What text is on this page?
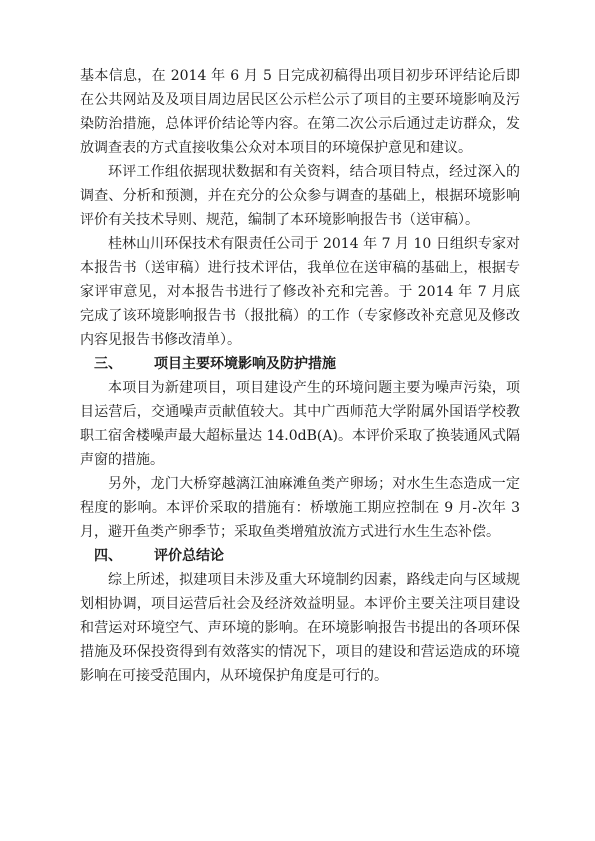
基本信息，在 2014 年 6 月 5 日完成初稿得出项目初步环评结论后即在公共网站及及项目周边居民区公示栏公示了项目的主要环境影响及污染防治措施，总体评价结论等内容。在第二次公示后通过走访群众，发放调查表的方式直接收集公众对本项目的环境保护意见和建议。

环评工作组依据现状数据和有关资料，结合项目特点，经过深入的调查、分析和预测，并在充分的公众参与调查的基础上，根据环境影响评价有关技术导则、规范，编制了本环境影响报告书（送审稿）。

桂林山川环保技术有限责任公司于 2014 年 7 月 10 日组织专家对本报告书（送审稿）进行技术评估，我单位在送审稿的基础上，根据专家评审意见，对本报告书进行了修改补充和完善。于 2014 年 7 月底完成了该环境影响报告书（报批稿）的工作（专家修改补充意见及修改内容见报告书修改清单）。

三、	项目主要环境影响及防护措施

本项目为新建项目，项目建设产生的环境问题主要为噪声污染，项目运营后，交通噪声贡献值较大。其中广西师范大学附属外国语学校教职工宿舍楼噪声最大超标量达 14.0dB(A)。本评价采取了换装通风式隔声窗的措施。

另外，龙门大桥穿越漓江油麻滩鱼类产卵场；对水生生态造成一定程度的影响。本评价采取的措施有：桥墩施工期应控制在 9 月-次年 3 月，避开鱼类产卵季节；采取鱼类增殖放流方式进行水生生态补偿。

四、	评价总结论

综上所述，拟建项目未涉及重大环境制约因素，路线走向与区域规划相协调，项目运营后社会及经济效益明显。本评价主要关注项目建设和营运对环境空气、声环境的影响。在环境影响报告书提出的各项环保措施及环保投资得到有效落实的情况下，项目的建设和营运造成的环境影响在可接受范围内，从环境保护角度是可行的。
